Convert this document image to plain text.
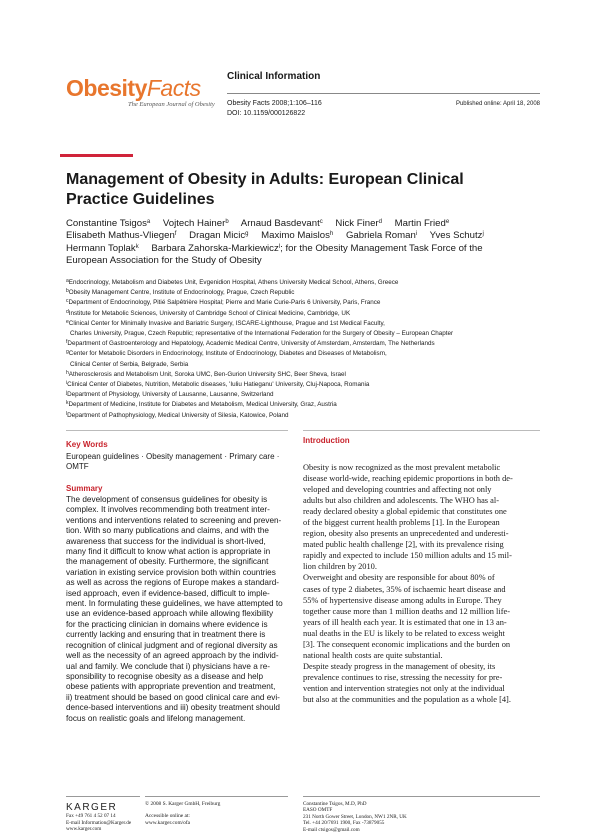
ObesityFacts
The European Journal of Obesity
Clinical Information
Obesity Facts 2008;1:106–116	Published online: April 18, 2008
DOI: 10.1159/000126822
Management of Obesity in Adults: European Clinical
Practice Guidelines
Constantine Tsigos$^a$ Vojtech Hainer$^b$ Arnaud Basdevant$^c$ Nick Finer$^d$ Martin Fried$^e$
Elisabeth Mathus-Vliegen$^f$ Dragan Micic$^g$ Maximo Maislos$^h$ Gabriela Roman$^i$ Yves Schutz$^j$
Hermann Toplak$^k$ Barbara Zahorska-Markiewicz$^l$; for the Obesity Management Task Force of the
European Association for the Study of Obesity
$^a$Endocrinology, Metabolism and Diabetes Unit, Evgenidion Hospital, Athens University Medical School, Athens, Greece
$^b$Obesity Management Centre, Institute of Endocrinology, Prague, Czech Republic
$^c$Department of Endocrinology, Pitié Salpêtrière Hospital; Pierre and Marie Curie-Paris 6 University, Paris, France
$^d$Institute for Metabolic Sciences, University of Cambridge School of Clinical Medicine, Cambridge, UK
$^e$Clinical Center for Minimally Invasive and Bariatric Surgery, ISCARE-Lighthouse, Prague and 1st Medical Faculty,
Charles University, Prague, Czech Republic; representative of the International Federation for the Surgery of Obesity – European Chapter
$^f$Department of Gastroenterology and Hepatology, Academic Medical Centre, University of Amsterdam, Amsterdam, The Netherlands
$^g$Center for Metabolic Disorders in Endocrinology, Institute of Endocrinology, Diabetes and Diseases of Metabolism,
Clinical Center of Serbia, Belgrade, Serbia
$^h$Atherosclerosis and Metabolism Unit, Soroka UMC, Ben-Gurion University SHC, Beer Sheva, Israel
$^i$Clinical Center of Diabetes, Nutrition, Metabolic diseases, 'Iuliu Hatieganu' University, Cluj-Napoca, Romania
$^j$Department of Physiology, University of Lausanne, Lausanne, Switzerland
$^k$Department of Medicine, Institute for Diabetes and Metabolism, Medical University, Graz, Austria
$^l$Department of Pathophysiology, Medical University of Silesia, Katowice, Poland
Key Words
European guidelines · Obesity management · Primary care ·
OMTF
Summary
The development of consensus guidelines for obesity is
complex. It involves recommending both treatment inter-
ventions and interventions related to screening and preven-
tion. With so many publications and claims, and with the
awareness that success for the individual is short-lived,
many find it difficult to know what action is appropriate in
the management of obesity. Furthermore, the significant
variation in existing service provision both within countries
as well as across the regions of Europe makes a standard-
ised approach, even if evidence-based, difficult to imple-
ment. In formulating these guidelines, we have attempted to
use an evidence-based approach while allowing flexibility
for the practicing clinician in domains where evidence is
currently lacking and ensuring that in treatment there is
recognition of clinical judgment and of regional diversity as
well as the necessity of an agreed approach by the individ-
ual and family. We conclude that i) physicians have a re-
sponsibility to recognise obesity as a disease and help
obese patients with appropriate prevention and treatment,
ii) treatment should be based on good clinical care and evi-
dence-based interventions and iii) obesity treatment should
focus on realistic goals and lifelong management.
Introduction
Obesity is now recognized as the most prevalent metabolic
disease world-wide, reaching epidemic proportions in both de-
veloped and developing countries and affecting not only
adults but also children and adolescents. The WHO has al-
ready declared obesity a global epidemic that constitutes one
of the biggest current health problems [1]. In the European
region, obesity also presents an unprecedented and underesti-
mated public health challenge [2], with its prevalence rising
rapidly and expected to include 150 million adults and 15 mil-
lion children by 2010.
Overweight and obesity are responsible for about 80% of
cases of type 2 diabetes, 35% of ischaemic heart disease and
55% of hypertensive disease among adults in Europe. They
together cause more than 1 million deaths and 12 million life-
years of ill health each year. It is estimated that one in 13 an-
nual deaths in the EU is likely to be related to excess weight
[3]. The consequent economic implications and the burden on
national health costs are quite substantial.
Despite steady progress in the management of obesity, its
prevalence continues to rise, stressing the necessity for pre-
vention and intervention strategies not only at the individual
but also at the communities and the population as a whole [4].
KARGER
Fax +49 761 4 52 07 14
E-mail Information@Karger.de
www.karger.com
© 2008 S. Karger GmbH, Freiburg
Accessible online at:
www.karger.com/ofa
Constantine Tsigos, M.D, PhD
EASO OMTF
231 North Gower Street, London, NW1 2NR, UK
Tel. +44 20/7691 1900, Fax -73879055
E-mail ctsigos@gmail.com
